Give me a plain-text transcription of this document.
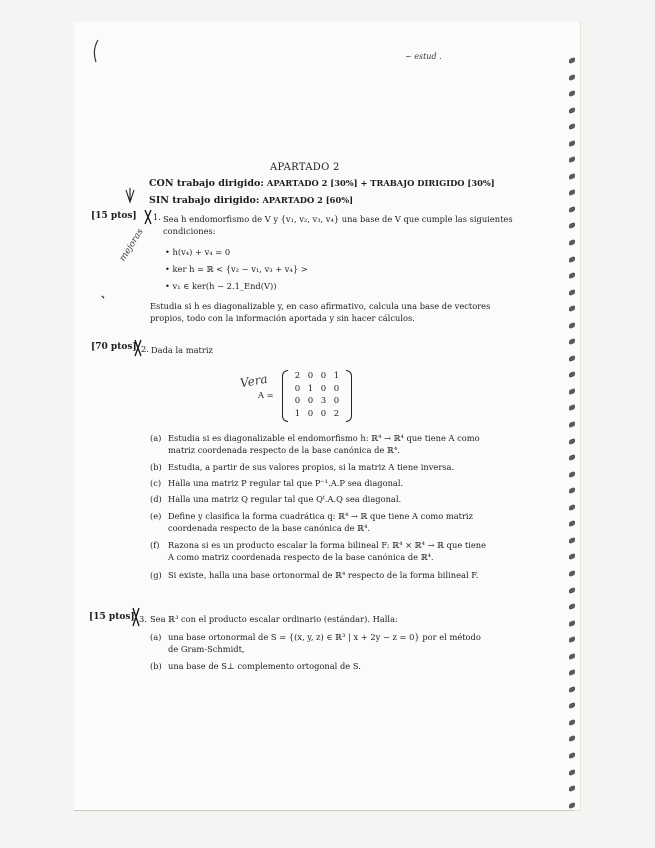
~ estud .
APARTADO 2
CON trabajo dirigido: APARTADO 2 [30%] + TRABAJO DIRIGIDO [30%]
SIN trabajo dirigido: APARTADO 2 [60%]
[15 ptos] 1. Sea h endomorfismo de V y {v₁, v₂, v₃, v₄} una base de V que cumple las siguientes
condiciones:
mejoras • h(v₄) + v₄ = 0
• ker h = ℝ < {v₂ − v₁, v₃ + v₄} >
• v₁ ∈ ker(h − 2.1_End(V))
Estudia si h es diagonalizable y, en caso afirmativo, calcula una base de vectores
propios, todo con la información aportada y sin hacer cálculos.
[70 ptos] 2. Dada la matriz
Vera
A =
2 0 0 1
0 1 0 0
0 0 3 0
1 0 0 2
(a) Estudia si es diagonalizable el endomorfismo h: ℝ⁴ → ℝ⁴ que tiene A como
matriz coordenada respecto de la base canónica de ℝ⁴.
(b) Estudia, a partir de sus valores propios, si la matriz A tiene inversa.
(c) Halla una matriz P regular tal que P⁻¹.A.P sea diagonal.
(d) Halla una matriz Q regular tal que Qᵗ.A.Q sea diagonal.
(e) Define y clasifica la forma cuadrática q: ℝ⁴ → ℝ que tiene A como matriz
coordenada respecto de la base canónica de ℝ⁴.
(f) Razona si es un producto escalar la forma bilineal F: ℝ⁴ × ℝ⁴ → ℝ que tiene
A como matriz coordenada respecto de la base canónica de ℝ⁴.
(g) Si existe, halla una base ortonormal de ℝ⁴ respecto de la forma bilineal F.
[15 ptos] 3. Sea ℝ³ con el producto escalar ordinario (estándar). Halla:
(a) una base ortonormal de S = {(x, y, z) ∈ ℝ³ | x + 2y − z = 0} por el método
de Gram-Schmidt,
(b) una base de S⊥ complemento ortogonal de S.
